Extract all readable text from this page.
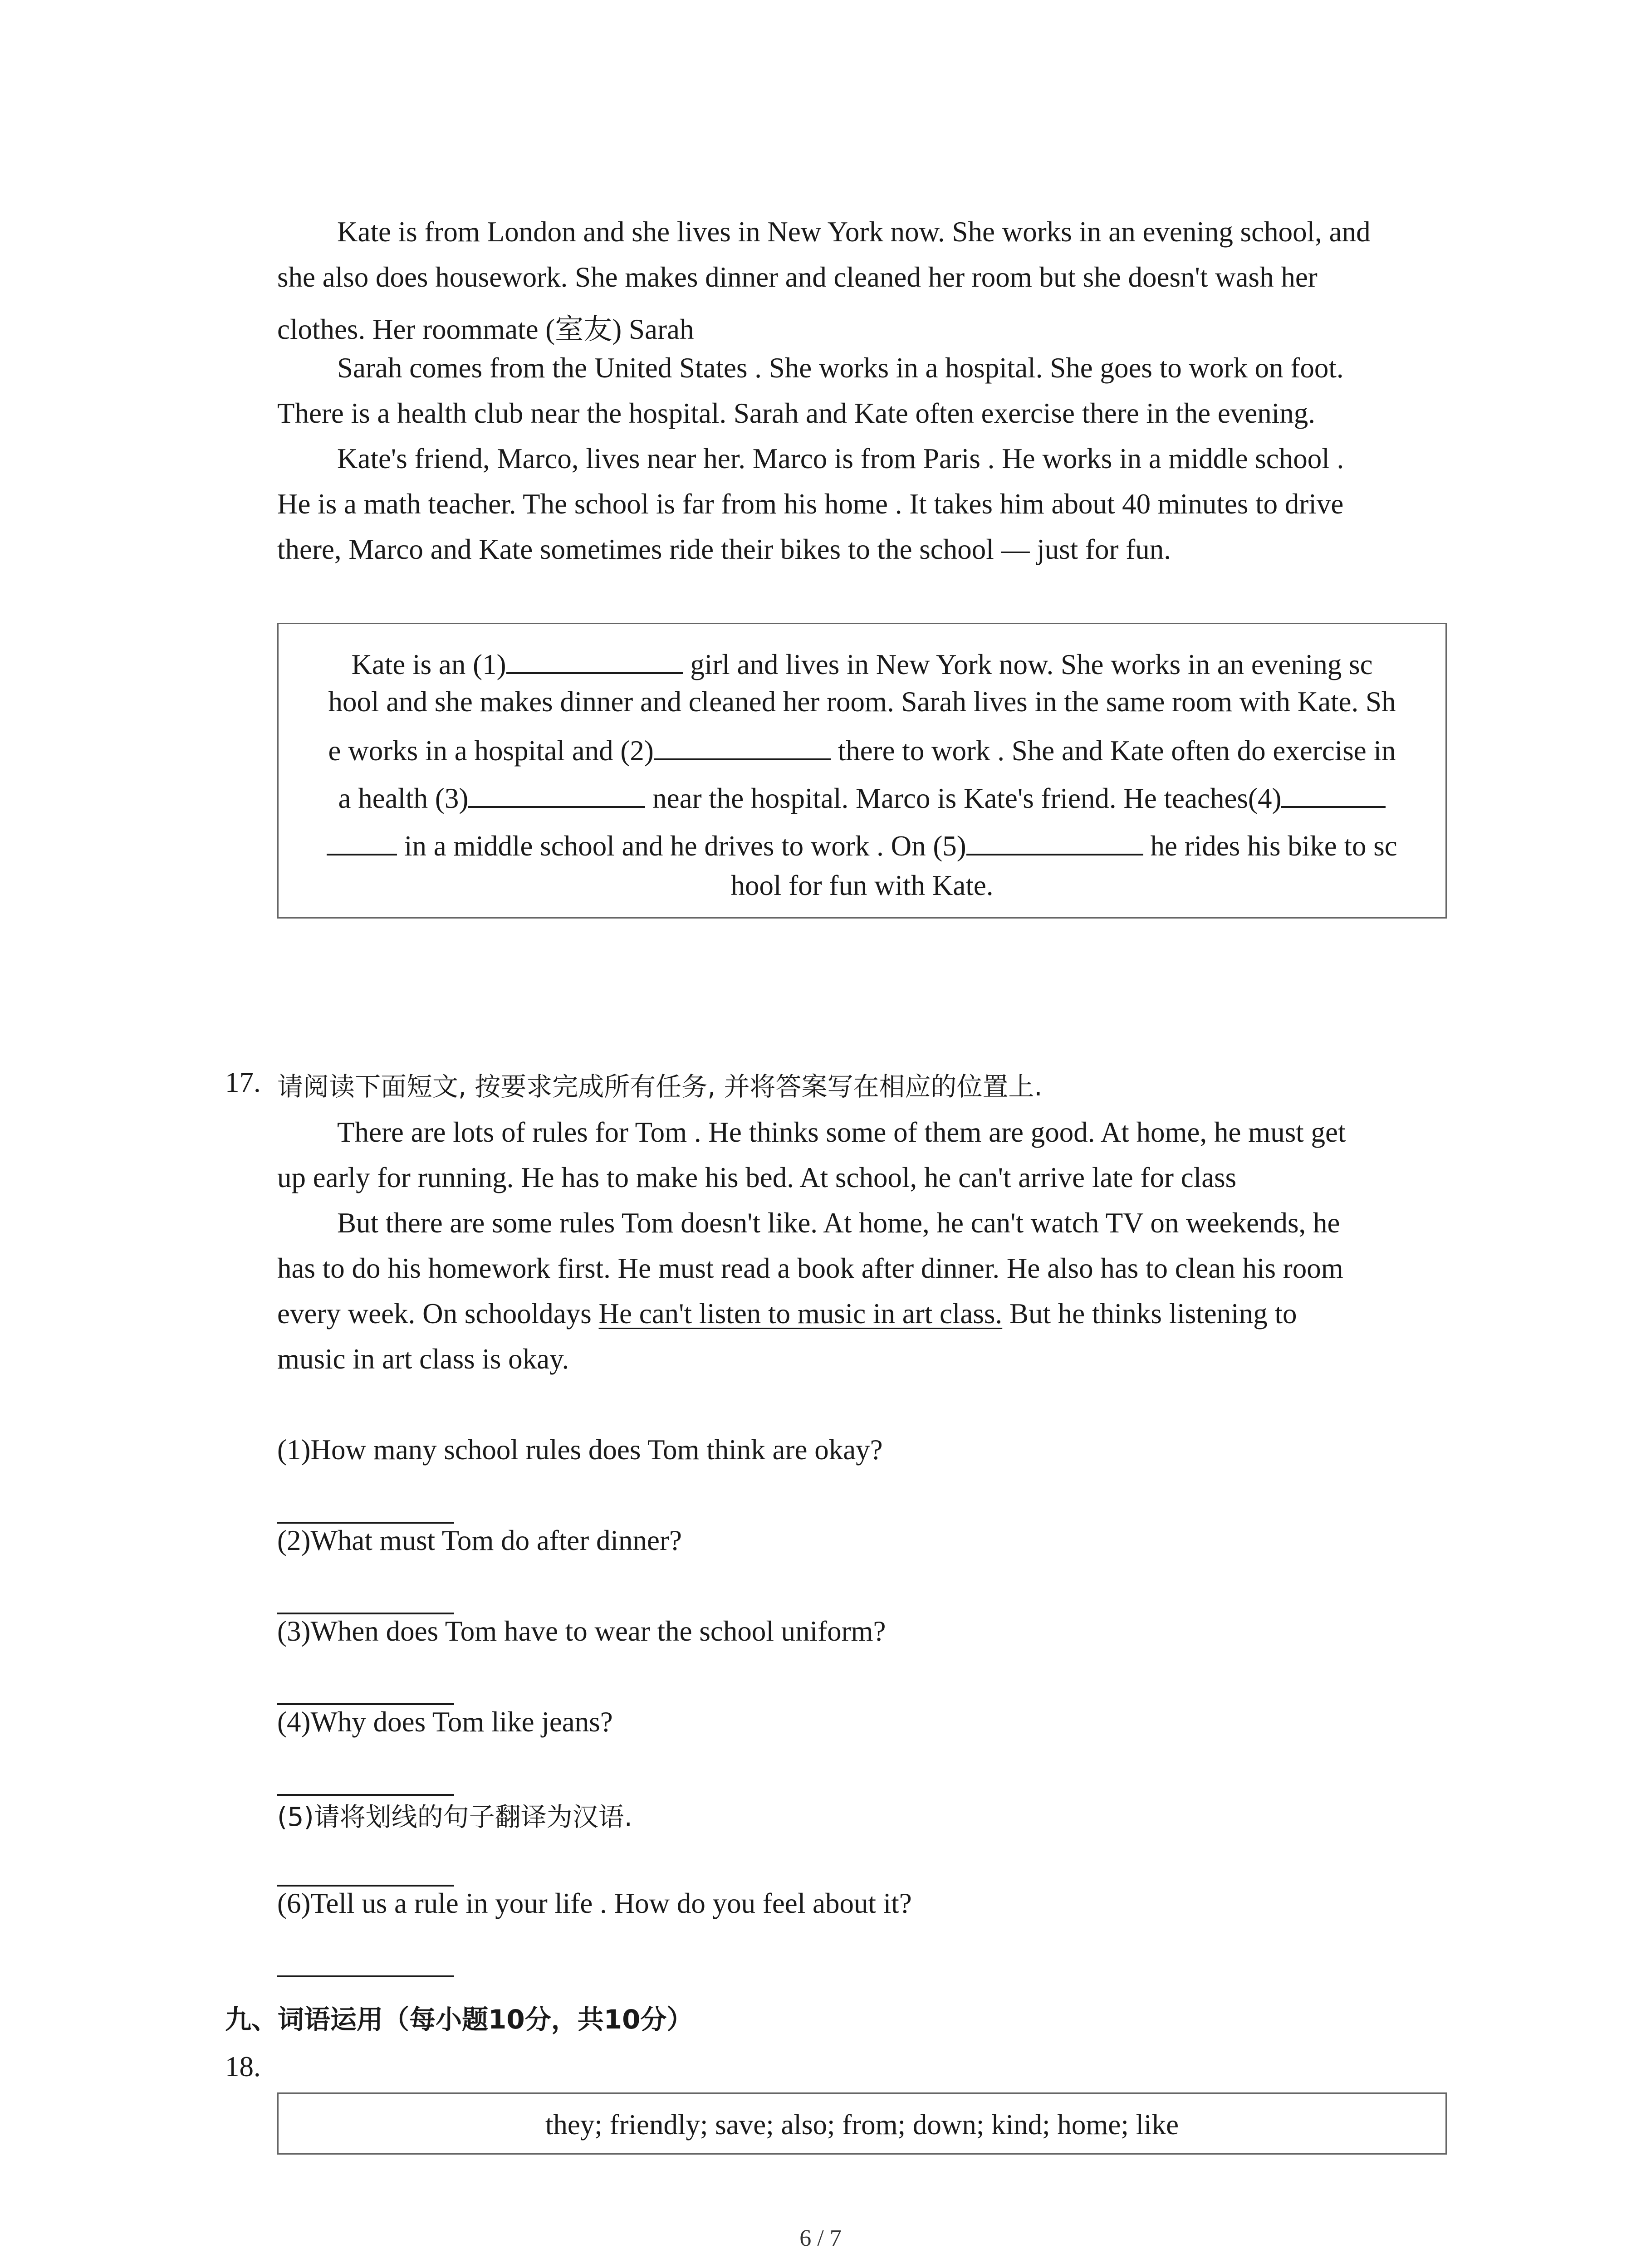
Kate is from London and she lives in New York now. She works in an evening school, and
she also does housework. She makes dinner and cleaned her room but she doesn't wash her
clothes. Her roommate (室友) Sarah
Sarah comes from the United States . She works in a hospital. She goes to work on foot.
There is a health club near the hospital. Sarah and Kate often exercise there in the evening.
Kate's friend, Marco, lives near her. Marco is from Paris . He works in a middle school .
He is a math teacher. The school is far from his home . It takes him about 40 minutes to drive
there, Marco and Kate sometimes ride their bikes to the school — just for fun.
Kate is an (1)	girl and lives in New York now. She works in an evening sc
hool and she makes dinner and cleaned her room. Sarah lives in the same room with Kate. Sh
e works in a hospital and (2)	there to work . She and Kate often do exercise in
a health (3)	near the hospital. Marco is Kate's friend. He teaches(4)
in a middle school and he drives to work . On (5)	he rides his bike to sc
hool for fun with Kate.
17. 请阅读下面短文, 按要求完成所有任务, 并将答案写在相应的位置上.
There are lots of rules for Tom . He thinks some of them are good. At home, he must get
up early for running. He has to make his bed. At school, he can't arrive late for class
But there are some rules Tom doesn't like. At home, he can't watch TV on weekends, he
has to do his homework first. He must read a book after dinner. He also has to clean his room
every week. On schooldays He can't listen to music in art class. But he thinks listening to
music in art class is okay.
(1)How many school rules does Tom think are okay?
(2)What must Tom do after dinner?
(3)When does Tom have to wear the school uniform?
(4)Why does Tom like jeans?
(5)请将划线的句子翻译为汉语.
(6)Tell us a rule in your life . How do you feel about it?
九、词语运用（每小题10分，共10分）
18.
they; friendly; save; also; from; down; kind; home; like
6 / 7
